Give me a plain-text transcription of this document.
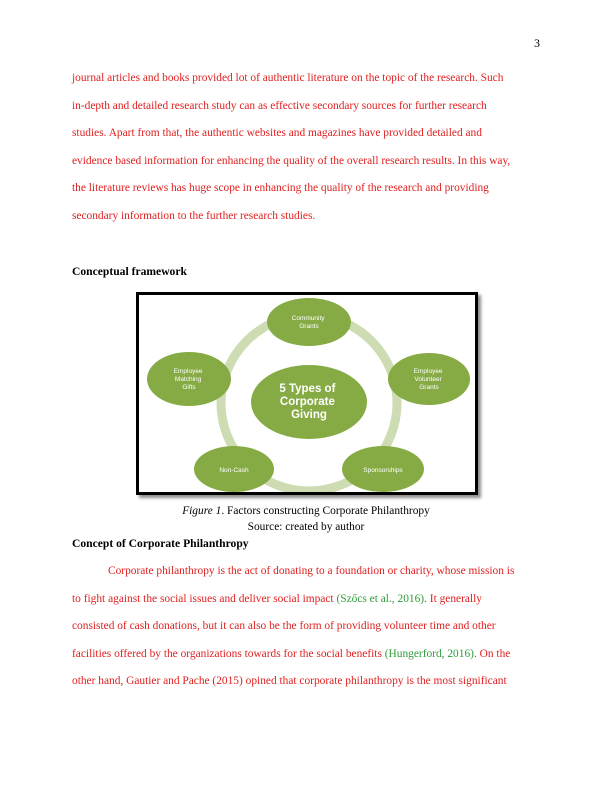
3
journal articles and books provided lot of authentic literature on the topic of the research. Such
in-depth and detailed research study can as effective secondary sources for further research
studies. Apart from that, the authentic websites and magazines have provided detailed and
evidence based information for enhancing the quality of the overall research results. In this way,
the literature reviews has huge scope in enhancing the quality of the research and providing
secondary information to the further research studies.
Conceptual framework
5 Types of Corporate Giving
Community Grants
Employee Volunteer Grants
Sponsorships
Non-Cash
Employee Matching Gifts
Figure 1. Factors constructing Corporate Philanthropy
Source: created by author
Concept of Corporate Philanthropy
Corporate philanthropy is the act of donating to a foundation or charity, whose mission is
to fight against the social issues and deliver social impact (Szőcs et al., 2016). It generally
consisted of cash donations, but it can also be the form of providing volunteer time and other
facilities offered by the organizations towards for the social benefits (Hungerford, 2016). On the
other hand, Gautier and Pache (2015) opined that corporate philanthropy is the most significant
